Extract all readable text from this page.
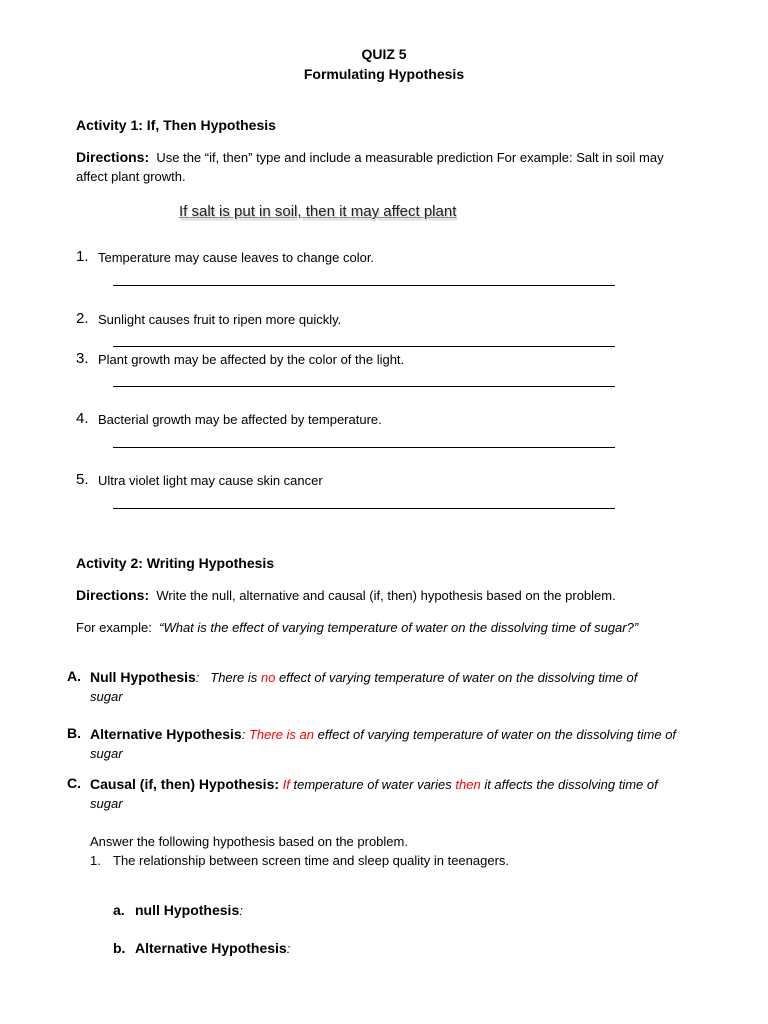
QUIZ 5
Formulating Hypothesis
Activity 1: If, Then Hypothesis
Directions: Use the “if, then” type and include a measurable prediction For example: Salt in soil may
affect plant growth.
If salt is put in soil, then it may affect plant
1. Temperature may cause leaves to change color.
2. Sunlight causes fruit to ripen more quickly.
3. Plant growth may be affected by the color of the light.
4. Bacterial growth may be affected by temperature.
5. Ultra violet light may cause skin cancer
Activity 2: Writing Hypothesis
Directions: Write the null, alternative and causal (if, then) hypothesis based on the problem.
For example: “What is the effect of varying temperature of water on the dissolving time of sugar?”
A. Null Hypothesis: There is no effect of varying temperature of water on the dissolving time of
sugar
B. Alternative Hypothesis: There is an effect of varying temperature of water on the dissolving time of
sugar
C. Causal (if, then) Hypothesis: If temperature of water varies then it affects the dissolving time of
sugar
Answer the following hypothesis based on the problem.
1. The relationship between screen time and sleep quality in teenagers.
a. null Hypothesis:
b. Alternative Hypothesis:
